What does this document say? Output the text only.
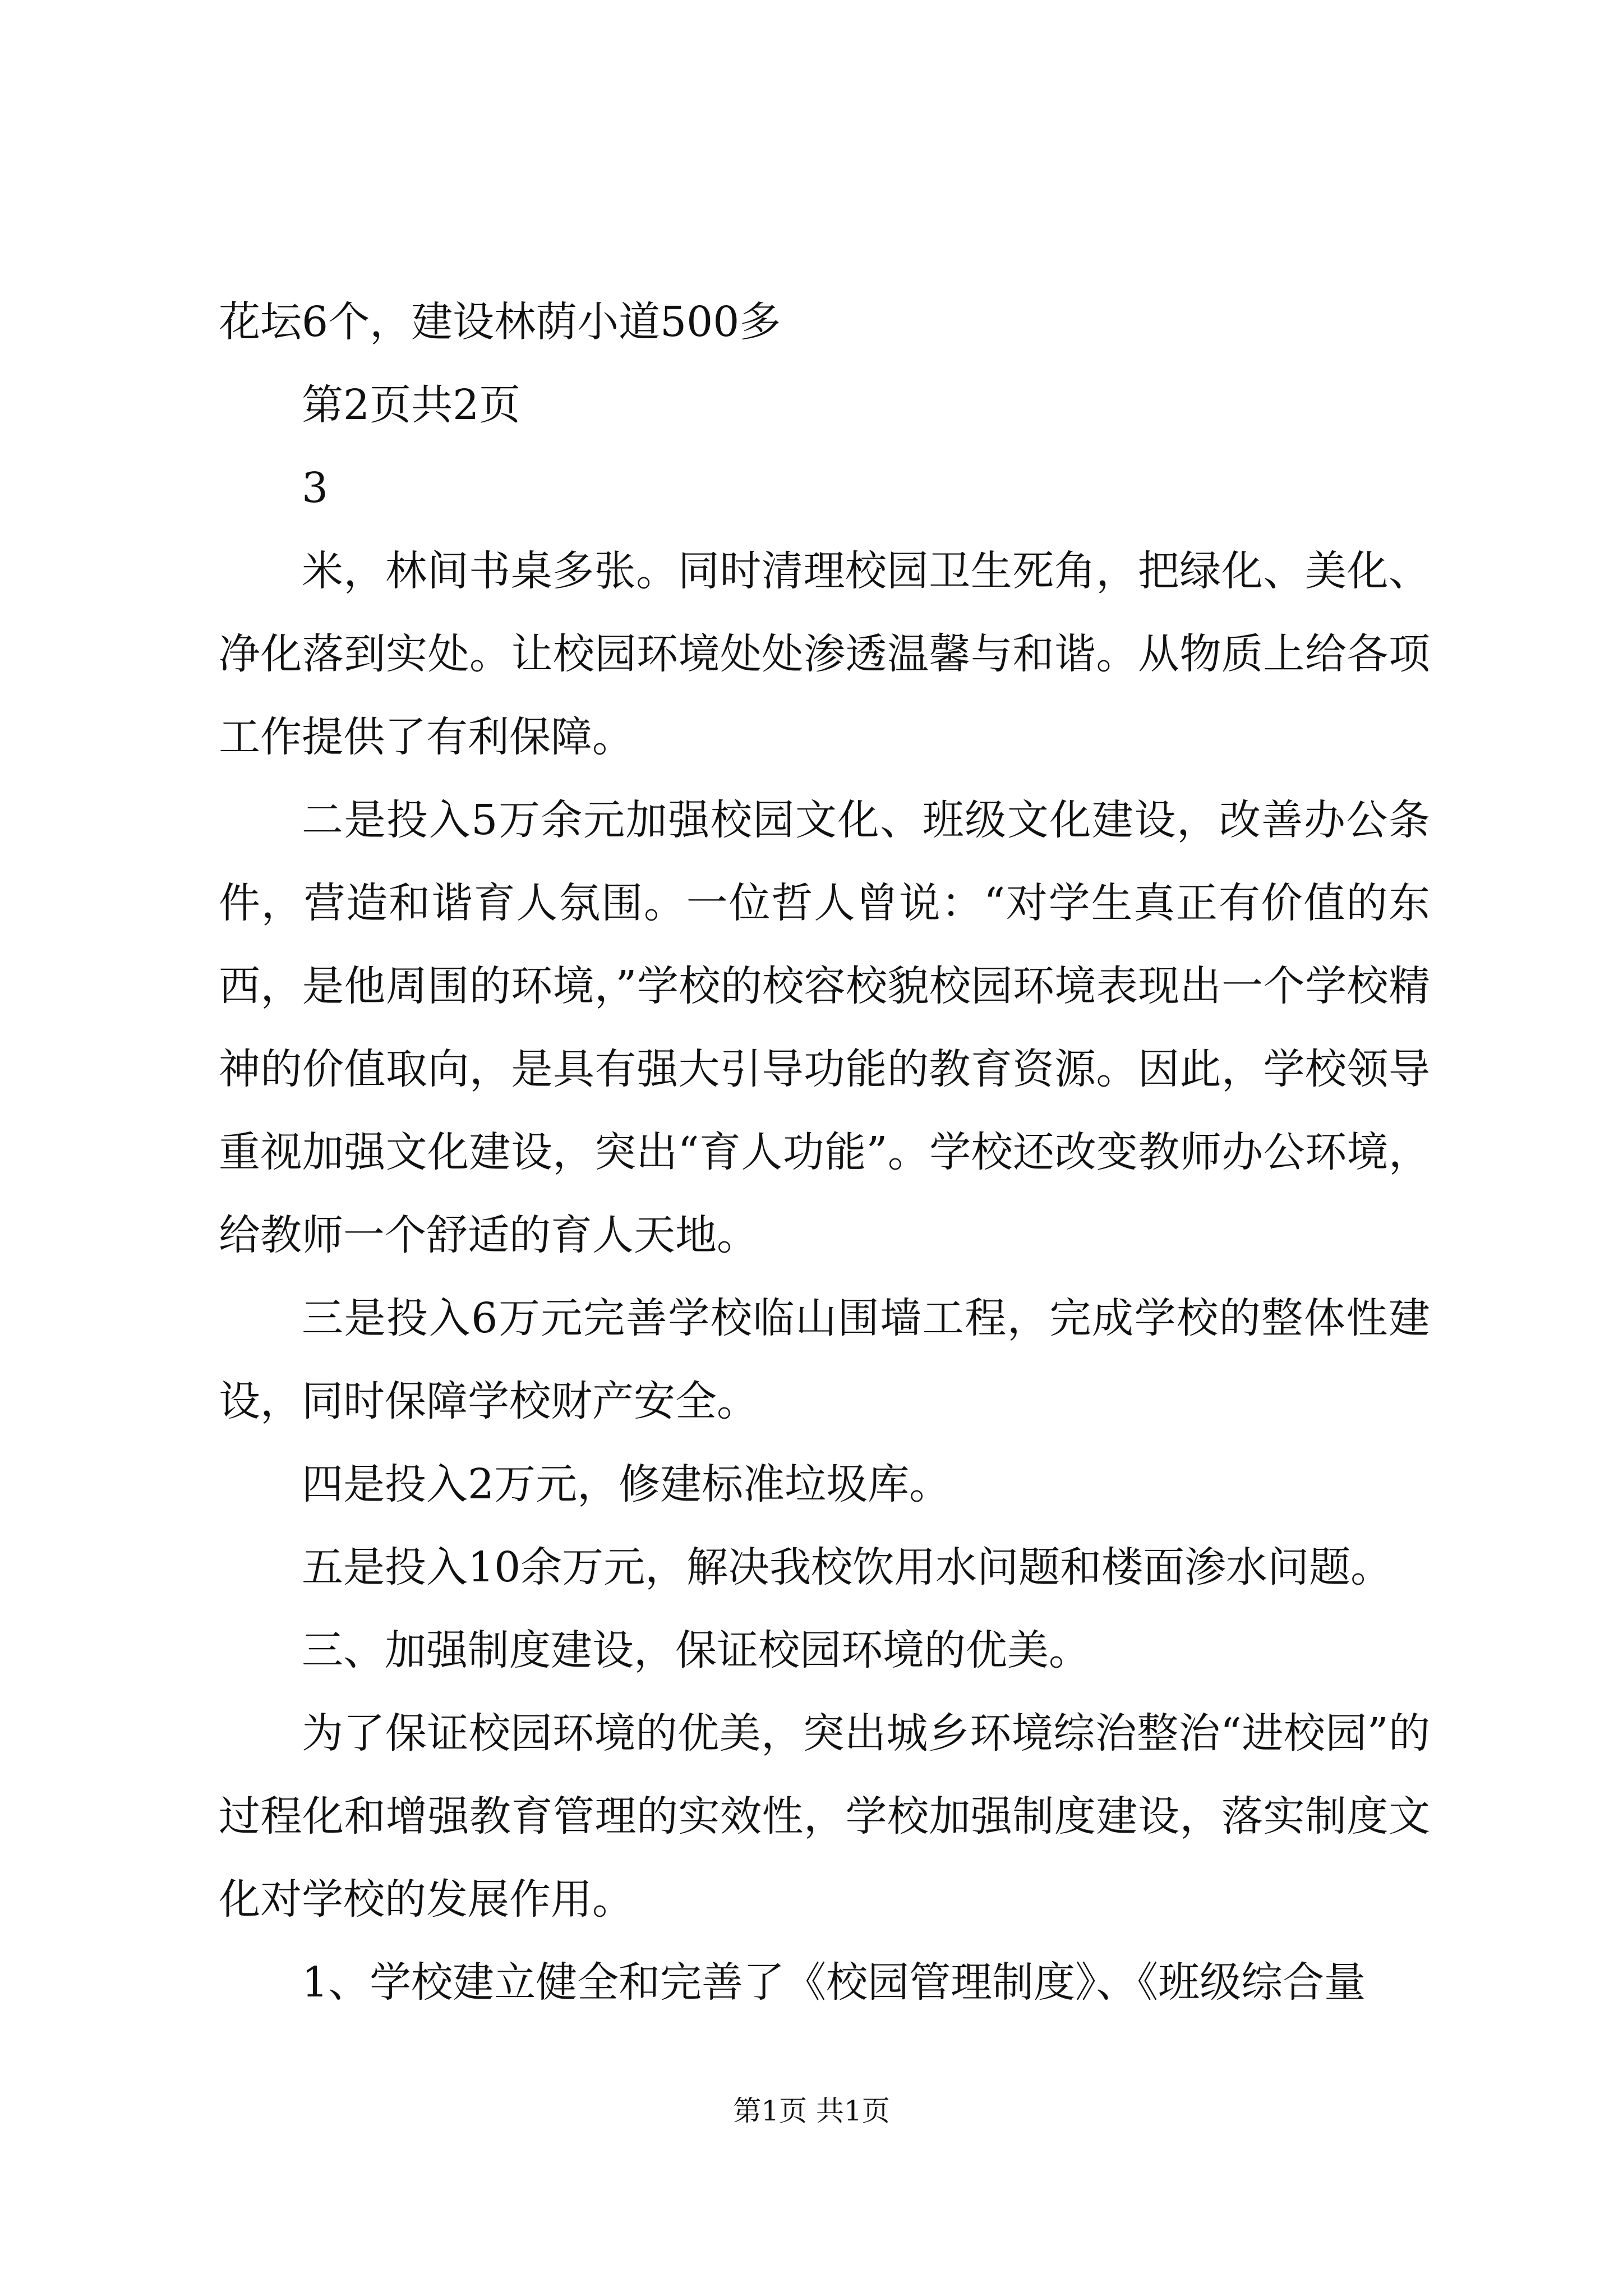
花坛6个，建设林荫小道500多

第2页共2页

3

米，林间书桌多张。同时清理校园卫生死角，把绿化、美化、净化落到实处。让校园环境处处渗透温馨与和谐。从物质上给各项工作提供了有利保障。

二是投入5万余元加强校园文化、班级文化建设，改善办公条件，营造和谐育人氛围。一位哲人曾说：“对学生真正有价值的东西，是他周围的环境，”学校的校容校貌校园环境表现出一个学校精神的价值取向，是具有强大引导功能的教育资源。因此，学校领导重视加强文化建设，突出“育人功能”。学校还改变教师办公环境，给教师一个舒适的育人天地。

三是投入6万元完善学校临山围墙工程，完成学校的整体性建设，同时保障学校财产安全。

四是投入2万元，修建标准垃圾库。

五是投入10余万元，解决我校饮用水问题和楼面渗水问题。

三、加强制度建设，保证校园环境的优美。

为了保证校园环境的优美，突出城乡环境综治整治“进校园”的过程化和增强教育管理的实效性，学校加强制度建设，落实制度文化对学校的发展作用。

1、学校建立健全和完善了《校园管理制度》、《班级综合量

第1页 共1页
